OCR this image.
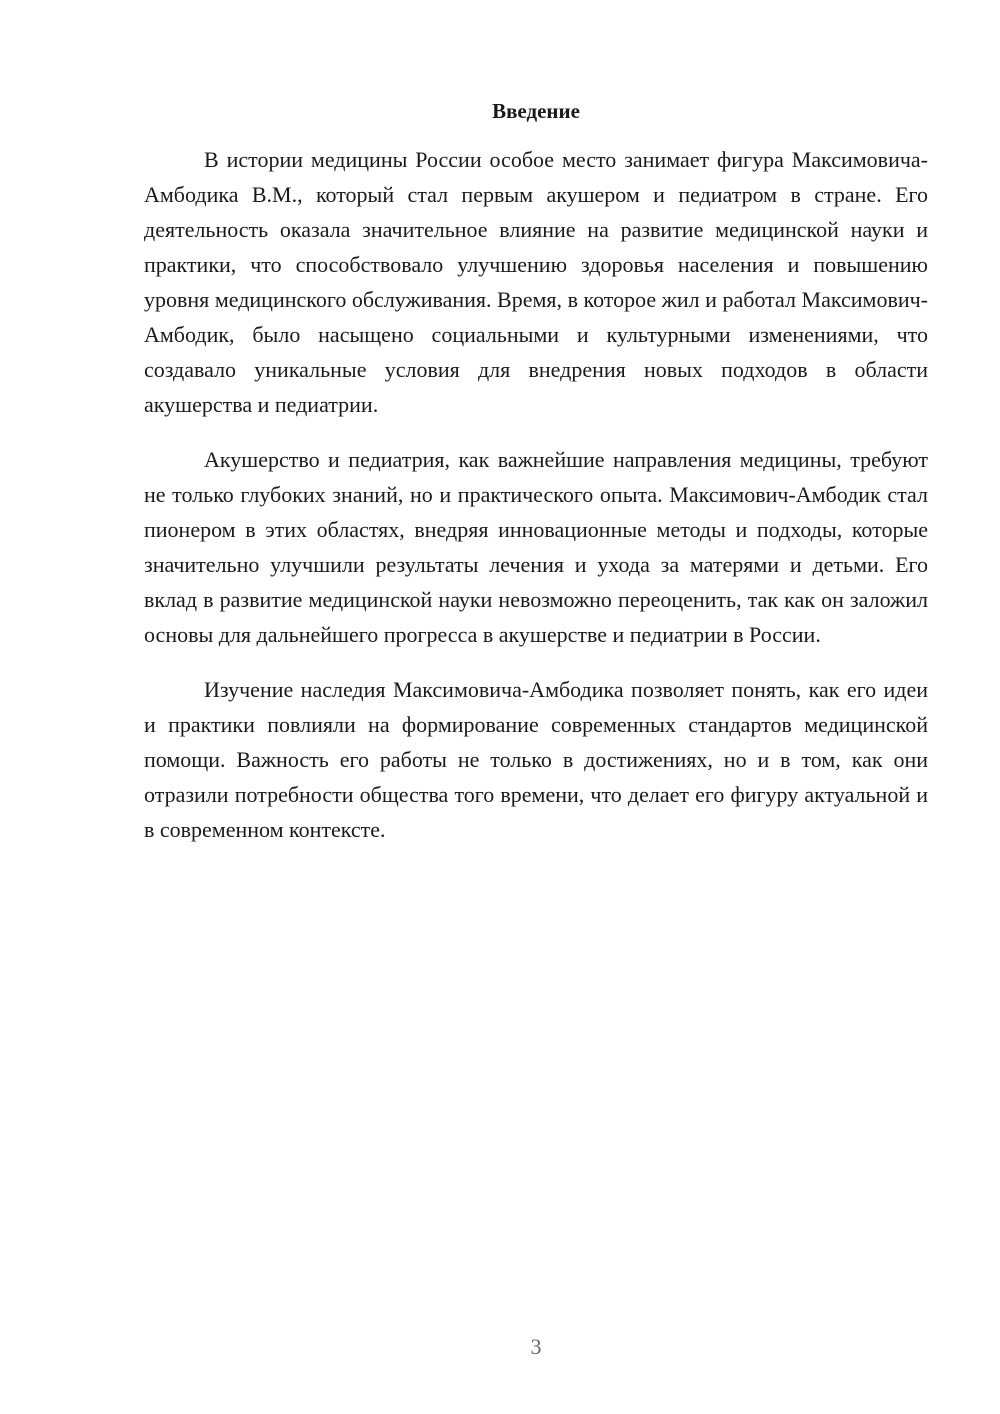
Введение

В истории медицины России особое место занимает фигура Максимовича-Амбодика В.М., который стал первым акушером и педиатром в стране. Его деятельность оказала значительное влияние на развитие медицинской науки и практики, что способствовало улучшению здоровья населения и повышению уровня медицинского обслуживания. Время, в которое жил и работал Максимович-Амбодик, было насыщено социальными и культурными изменениями, что создавало уникальные условия для внедрения новых подходов в области акушерства и педиатрии.

Акушерство и педиатрия, как важнейшие направления медицины, требуют не только глубоких знаний, но и практического опыта. Максимович-Амбодик стал пионером в этих областях, внедряя инновационные методы и подходы, которые значительно улучшили результаты лечения и ухода за матерями и детьми. Его вклад в развитие медицинской науки невозможно переоценить, так как он заложил основы для дальнейшего прогресса в акушерстве и педиатрии в России.

Изучение наследия Максимовича-Амбодика позволяет понять, как его идеи и практики повлияли на формирование современных стандартов медицинской помощи. Важность его работы не только в достижениях, но и в том, как они отразили потребности общества того времени, что делает его фигуру актуальной и в современном контексте.

3
